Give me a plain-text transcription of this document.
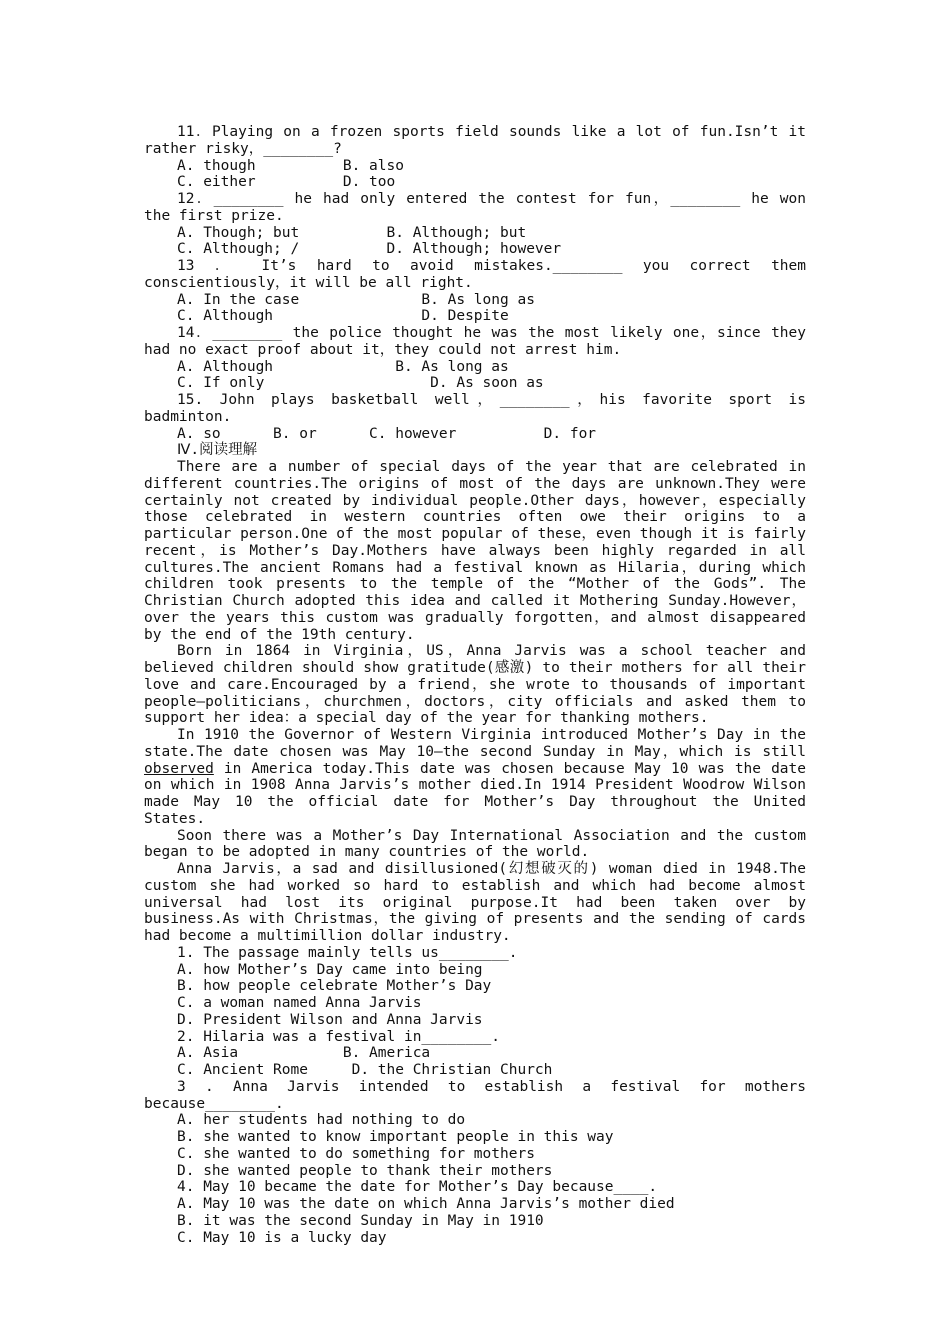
11．Playing on a frozen sports field sounds like a lot of fun.Isn’t it rather risky，________?
A. though          B. also
C. either          D. too
12．________ he had only entered the contest for fun，________ he won the first prize.
A. Though; but          B. Although; but
C. Although; /          D. Although; however
13 ． It’s hard to avoid mistakes.________ you correct them conscientiously，it will be all right.
A. In the case              B. As long as
C. Although                 D. Despite
14．________ the police thought he was the most likely one，since they had no exact proof about it，they could not arrest him.
A. Although              B. As long as
C. If only                   D. As soon as
15. John plays basketball well，________，his favorite sport is badminton.
A. so      B. or      C. however          D. for
Ⅳ.阅读理解
There are a number of special days of the year that are celebrated in different countries.The origins of most of the days are unknown.They were certainly not created by individual people.Other days，however，especially those celebrated in western countries often owe their origins to a particular person.One of the most popular of these，even though it is fairly recent，is Mother’s Day.Mothers have always been highly regarded in all cultures.The ancient Romans had a festival known as Hilaria，during which children took presents to the temple of the “Mother of the Gods”. The Christian Church adopted this idea and called it Mothering Sunday.However，over the years this custom was gradually forgotten，and almost disappeared by the end of the 19th century.
Born in 1864 in Virginia，US，Anna Jarvis was a school teacher and believed children should show gratitude(感激) to their mothers for all their love and care.Encouraged by a friend，she wrote to thousands of important people—politicians，churchmen，doctors，city officials and asked them to support her idea：a special day of the year for thanking mothers.
In 1910 the Governor of Western Virginia introduced Mother’s Day in the state.The date chosen was May 10—the second Sunday in May，which is still observed in America today.This date was chosen because May 10 was the date on which in 1908 Anna Jarvis’s mother died.In 1914 President Woodrow Wilson made May 10 the official date for Mother’s Day throughout the United States.
Soon there was a Mother’s Day International Association and the custom began to be adopted in many countries of the world.
Anna Jarvis，a sad and disillusioned(幻想破灭的) woman died in 1948.The custom she had worked so hard to establish and which had become almost universal had lost its original purpose.It had been taken over by business.As with Christmas，the giving of presents and the sending of cards had become a multimillion dollar industry.
1. The passage mainly tells us________.
A. how Mother’s Day came into being
B. how people celebrate Mother’s Day
C. a woman named Anna Jarvis
D. President Wilson and Anna Jarvis
2. Hilaria was a festival in________.
A. Asia            B. America
C. Ancient Rome     D. the Christian Church
3 . Anna Jarvis intended to establish a festival for mothers because________.
A. her students had nothing to do
B. she wanted to know important people in this way
C. she wanted to do something for mothers
D. she wanted people to thank their mothers
4. May 10 became the date for Mother’s Day because____.
A. May 10 was the date on which Anna Jarvis’s mother died
B. it was the second Sunday in May in 1910
C. May 10 is a lucky day
